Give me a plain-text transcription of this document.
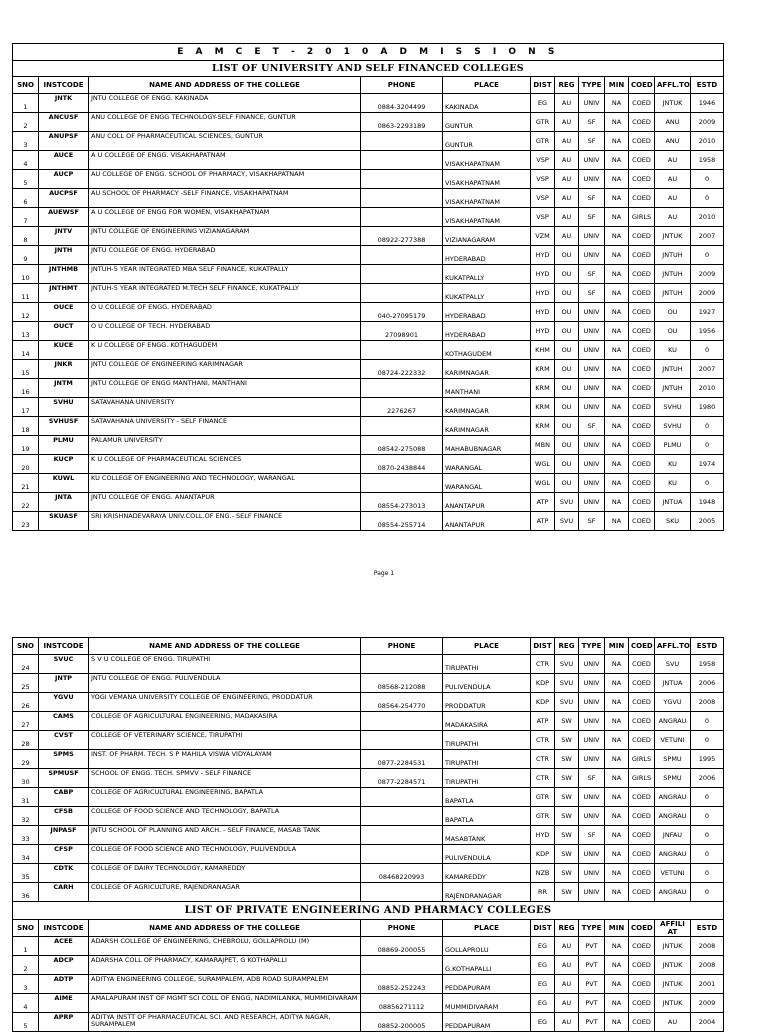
E A M C E T - 2 0 1 0 A D M I S S I O N S											
LIST OF UNIVERSITY AND SELF FINANCED COLLEGES											
SNO	INSTCODE	NAME AND ADDRESS OF THE COLLEGE	PHONE	PLACE	DIST	REG	TYPE	MIN	COED	AFFL.TO	ESTD
1	JNTK	JNTU COLLEGE OF ENGG. KAKINADA	0884-3204499	KAKINADA	EG	AU	UNIV	NA	COED	JNTUK	1946
2	ANCUSF	ANU COLLEGE OF ENGG TECHNOLOGY-SELF FINANCE, GUNTUR	0863-2293189	GUNTUR	GTR	AU	SF	NA	COED	ANU	2009
3	ANUPSF	ANU COLL OF PHARMACEUTICAL SCIENCES, GUNTUR		GUNTUR	GTR	AU	SF	NA	COED	ANU	2010
4	AUCE	A U COLLEGE OF ENGG. VISAKHAPATNAM		VISAKHAPATNAM	VSP	AU	UNIV	NA	COED	AU	1958
5	AUCP	AU COLLEGE OF ENGG. SCHOOL OF PHARMACY, VISAKHAPATNAM		VISAKHAPATNAM	VSP	AU	UNIV	NA	COED	AU	0
6	AUCPSF	AU SCHOOL OF PHARMACY -SELF FINANCE, VISAKHAPATNAM		VISAKHAPATNAM	VSP	AU	SF	NA	COED	AU	0
7	AUEWSF	A U COLLEGE OF ENGG FOR WOMEN, VISAKHAPATNAM		VISAKHAPATNAM	VSP	AU	SF	NA	GIRLS	AU	2010
8	JNTV	JNTU COLLEGE OF ENGINEERING VIZIANAGARAM	08922-277388	VIZIANAGARAM	VZM	AU	UNIV	NA	COED	JNTUK	2007
9	JNTH	JNTU COLLEGE OF ENGG. HYDERABAD		HYDERABAD	HYD	OU	UNIV	NA	COED	JNTUH	0
10	JNTHMB	JNTUH-5 YEAR INTEGRATED MBA SELF FINANCE, KUKATPALLY		KUKATPALLY	HYD	OU	SF	NA	COED	JNTUH	2009
11	JNTHMT	JNTUH-5 YEAR INTEGRATED M.TECH SELF FINANCE, KUKATPALLY		KUKATPALLY	HYD	OU	SF	NA	COED	JNTUH	2009
12	OUCE	O U COLLEGE OF ENGG. HYDERABAD	040-27095179	HYDERABAD	HYD	OU	UNIV	NA	COED	OU	1927
13	OUCT	O U COLLEGE OF TECH. HYDERABAD	27098901	HYDERABAD	HYD	OU	UNIV	NA	COED	OU	1956
14	KUCE	K U COLLEGE OF ENGG. KOTHAGUDEM		KOTHAGUDEM	KHM	OU	UNIV	NA	COED	KU	0
15	JNKR	JNTU COLLEGE OF ENGINEERING KARIMNAGAR	08724-222332	KARIMNAGAR	KRM	OU	UNIV	NA	COED	JNTUH	2007
16	JNTM	JNTU COLLEGE OF ENGG MANTHANI, MANTHANI		MANTHANI	KRM	OU	UNIV	NA	COED	JNTUH	2010
17	SVHU	SATAVAHANA UNIVERSITY	2276267	KARIMNAGAR	KRM	OU	UNIV	NA	COED	SVHU	1980
18	SVHUSF	SATAVAHANA UNIVERSITY - SELF FINANCE		KARIMNAGAR	KRM	OU	SF	NA	COED	SVHU	0
19	PLMU	PALAMUR UNIVERSITY	08542-275088	MAHABUBNAGAR	MBN	OU	UNIV	NA	COED	PLMU	0
20	KUCP	K U COLLEGE OF PHARMACEUTICAL SCIENCES	0870-2438844	WARANGAL	WGL	OU	UNIV	NA	COED	KU	1974
21	KUWL	KU COLLEGE OF ENGINEERING AND TECHNOLOGY, WARANGAL		WARANGAL	WGL	OU	UNIV	NA	COED	KU	0
22	JNTA	JNTU COLLEGE OF ENGG. ANANTAPUR	08554-273013	ANANTAPUR	ATP	SVU	UNIV	NA	COED	JNTUA	1948
23	SKUASF	SRI KRISHNADEVARAYA UNIV.COLL.OF ENG.- SELF FINANCE	08554-255714	ANANTAPUR	ATP	SVU	SF	NA	COED	SKU	2005
Page 1
SNO	INSTCODE	NAME AND ADDRESS OF THE COLLEGE	PHONE	PLACE	DIST	REG	TYPE	MIN	COED	AFFL.TO	ESTD
24	SVUC	S V U COLLEGE OF ENGG. TIRUPATHI		TIRUPATHI	CTR	SVU	UNIV	NA	COED	SVU	1958
25	JNTP	JNTU COLLEGE OF ENGG. PULIVENDULA	08568-212088	PULIVENDULA	KDP	SVU	UNIV	NA	COED	JNTUA	2006
26	YGVU	YOGI VEMANA UNIVERSITY COLLEGE OF ENGINEERING, PRODDATUR	08564-254770	PRODDATUR	KDP	SVU	UNIV	NA	COED	YGVU	2008
27	CAMS	COLLEGE OF AGRICULTURAL ENGINEERING, MADAKASIRA		MADAKASIRA	ATP	SW	UNIV	NA	COED	ANGRAU	0
28	CVST	COLLEGE OF VETERINARY SCIENCE, TIRUPATHI		TIRUPATHI	CTR	SW	UNIV	NA	COED	VETUNI	0
29	SPMS	INST. OF PHARM. TECH. S P MAHILA VISWA VIDYALAYAM	0877-2284531	TIRUPATHI	CTR	SW	UNIV	NA	GIRLS	SPMU	1995
30	SPMUSF	SCHOOL OF ENGG. TECH. SPMVV - SELF FINANCE	0877-2284571	TIRUPATHI	CTR	SW	SF	NA	GIRLS	SPMU	2006
31	CABP	COLLEGE OF AGRICULTURAL ENGINEERING, BAPATLA		BAPATLA	GTR	SW	UNIV	NA	COED	ANGRAU	0
32	CFSB	COLLEGE OF FOOD SCIENCE AND TECHNOLOGY, BAPATLA		BAPATLA	GTR	SW	UNIV	NA	COED	ANGRAU	0
33	JNPASF	JNTU SCHOOL OF PLANNING AND ARCH. - SELF FINANCE, MASAB TANK		MASABTANK	HYD	SW	SF	NA	COED	JNFAU	0
34	CFSP	COLLEGE OF FOOD SCIENCE AND TECHNOLOGY, PULIVENDULA		PULIVENDULA	KDP	SW	UNIV	NA	COED	ANGRAU	0
35	CDTK	COLLEGE OF DAIRY TECHNOLOGY, KAMAREDDY	08468220993	KAMAREDDY	NZB	SW	UNIV	NA	COED	VETUNI	0
36	CARH	COLLEGE OF AGRICULTURE, RAJENDRANAGAR		RAJENDRANAGAR	RR	SW	UNIV	NA	COED	ANGRAU	0
LIST OF PRIVATE ENGINEERING AND PHARMACY COLLEGES											
SNO	INSTCODE	NAME AND ADDRESS OF THE COLLEGE	PHONE	PLACE	DIST	REG	TYPE	MIN	COED	AFFILI AT	ESTD
1	ACEE	ADARSH COLLEGE OF ENGINEERING, CHEBROLU, GOLLAPROLU (M)	08869-200055	GOLLAPROLU	EG	AU	PVT	NA	COED	JNTUK	2008
2	ADCP	ADARSHA COLL OF PHARMACY, KAMARAJPET, G KOTHAPALLI		G.KOTHAPALLI	EG	AU	PVT	NA	COED	JNTUK	2008
3	ADTP	ADITYA ENGINEERING COLLEGE, SURAMPALEM, ADB ROAD SURAMPALEM	08852-252243	PEDDAPURAM	EG	AU	PVT	NA	COED	JNTUK	2001
4	AIME	AMALAPURAM INST OF MGMT SCI COLL OF ENGG, NADIMILANKA, MUMMIDIVARAM	08856271112	MUMMIDIVARAM	EG	AU	PVT	NA	COED	JNTUK	2009
5	APRP	ADITYA INSTT OF PHARMACEUTICAL SCI. AND RESEARCH, ADITYA NAGAR, SURAMPALEM	08852-200005	PEDDAPURAM	EG	AU	PVT	NA	COED	AU	2004
